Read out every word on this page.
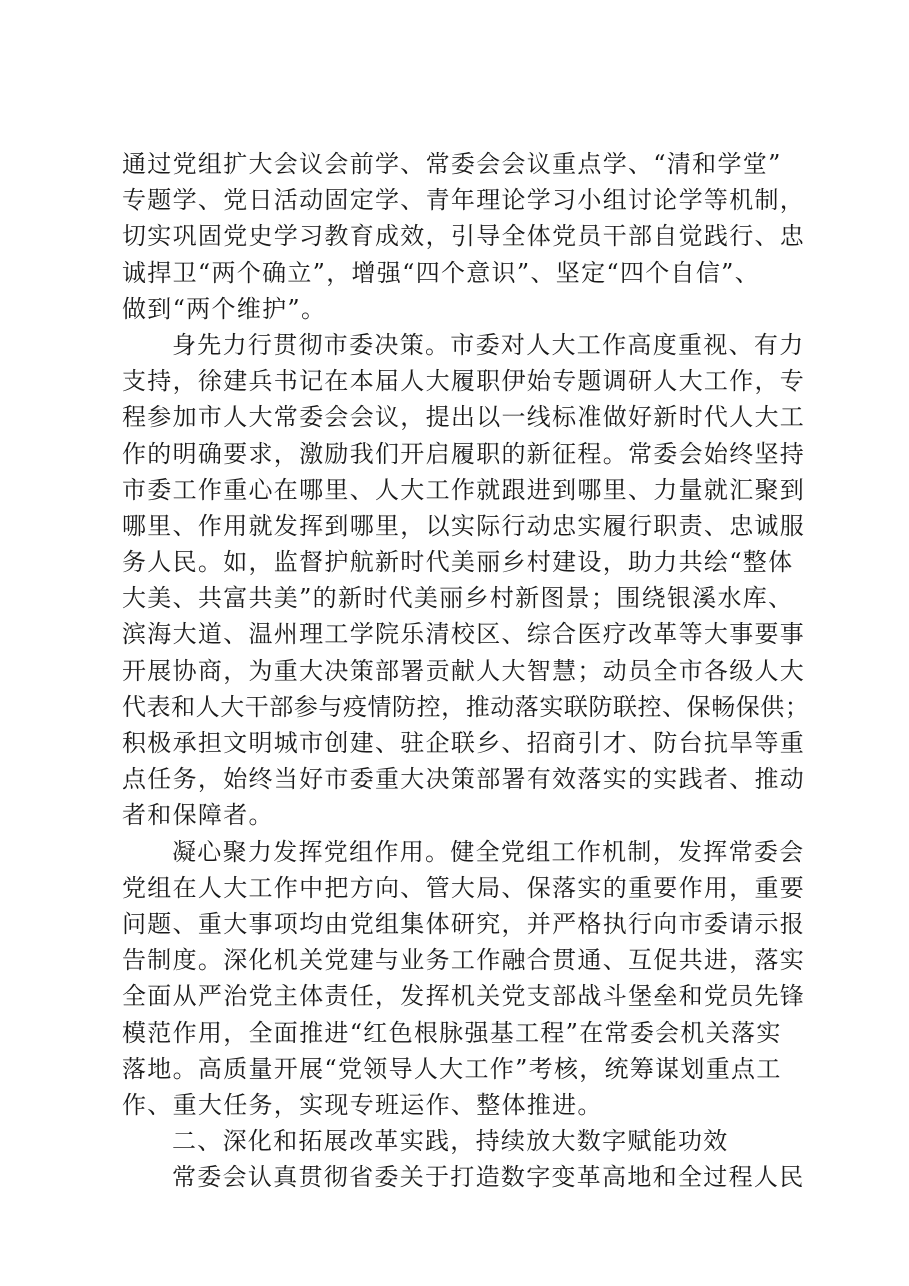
通过党组扩大会议会前学、常委会会议重点学、“清和学堂”
专题学、党日活动固定学、青年理论学习小组讨论学等机制，
切实巩固党史学习教育成效，引导全体党员干部自觉践行、忠
诚捍卫“两个确立”，增强“四个意识”、坚定“四个自信”、
做到“两个维护”。
身先力行贯彻市委决策。市委对人大工作高度重视、有力
支持，徐建兵书记在本届人大履职伊始专题调研人大工作，专
程参加市人大常委会会议，提出以一线标准做好新时代人大工
作的明确要求，激励我们开启履职的新征程。常委会始终坚持
市委工作重心在哪里、人大工作就跟进到哪里、力量就汇聚到
哪里、作用就发挥到哪里，以实际行动忠实履行职责、忠诚服
务人民。如，监督护航新时代美丽乡村建设，助力共绘“整体
大美、共富共美”的新时代美丽乡村新图景；围绕银溪水库、
滨海大道、温州理工学院乐清校区、综合医疗改革等大事要事
开展协商，为重大决策部署贡献人大智慧；动员全市各级人大
代表和人大干部参与疫情防控，推动落实联防联控、保畅保供；
积极承担文明城市创建、驻企联乡、招商引才、防台抗旱等重
点任务，始终当好市委重大决策部署有效落实的实践者、推动
者和保障者。
凝心聚力发挥党组作用。健全党组工作机制，发挥常委会
党组在人大工作中把方向、管大局、保落实的重要作用，重要
问题、重大事项均由党组集体研究，并严格执行向市委请示报
告制度。深化机关党建与业务工作融合贯通、互促共进，落实
全面从严治党主体责任，发挥机关党支部战斗堡垒和党员先锋
模范作用，全面推进“红色根脉强基工程”在常委会机关落实
落地。高质量开展“党领导人大工作”考核，统筹谋划重点工
作、重大任务，实现专班运作、整体推进。
二、深化和拓展改革实践，持续放大数字赋能功效
常委会认真贯彻省委关于打造数字变革高地和全过程人民
